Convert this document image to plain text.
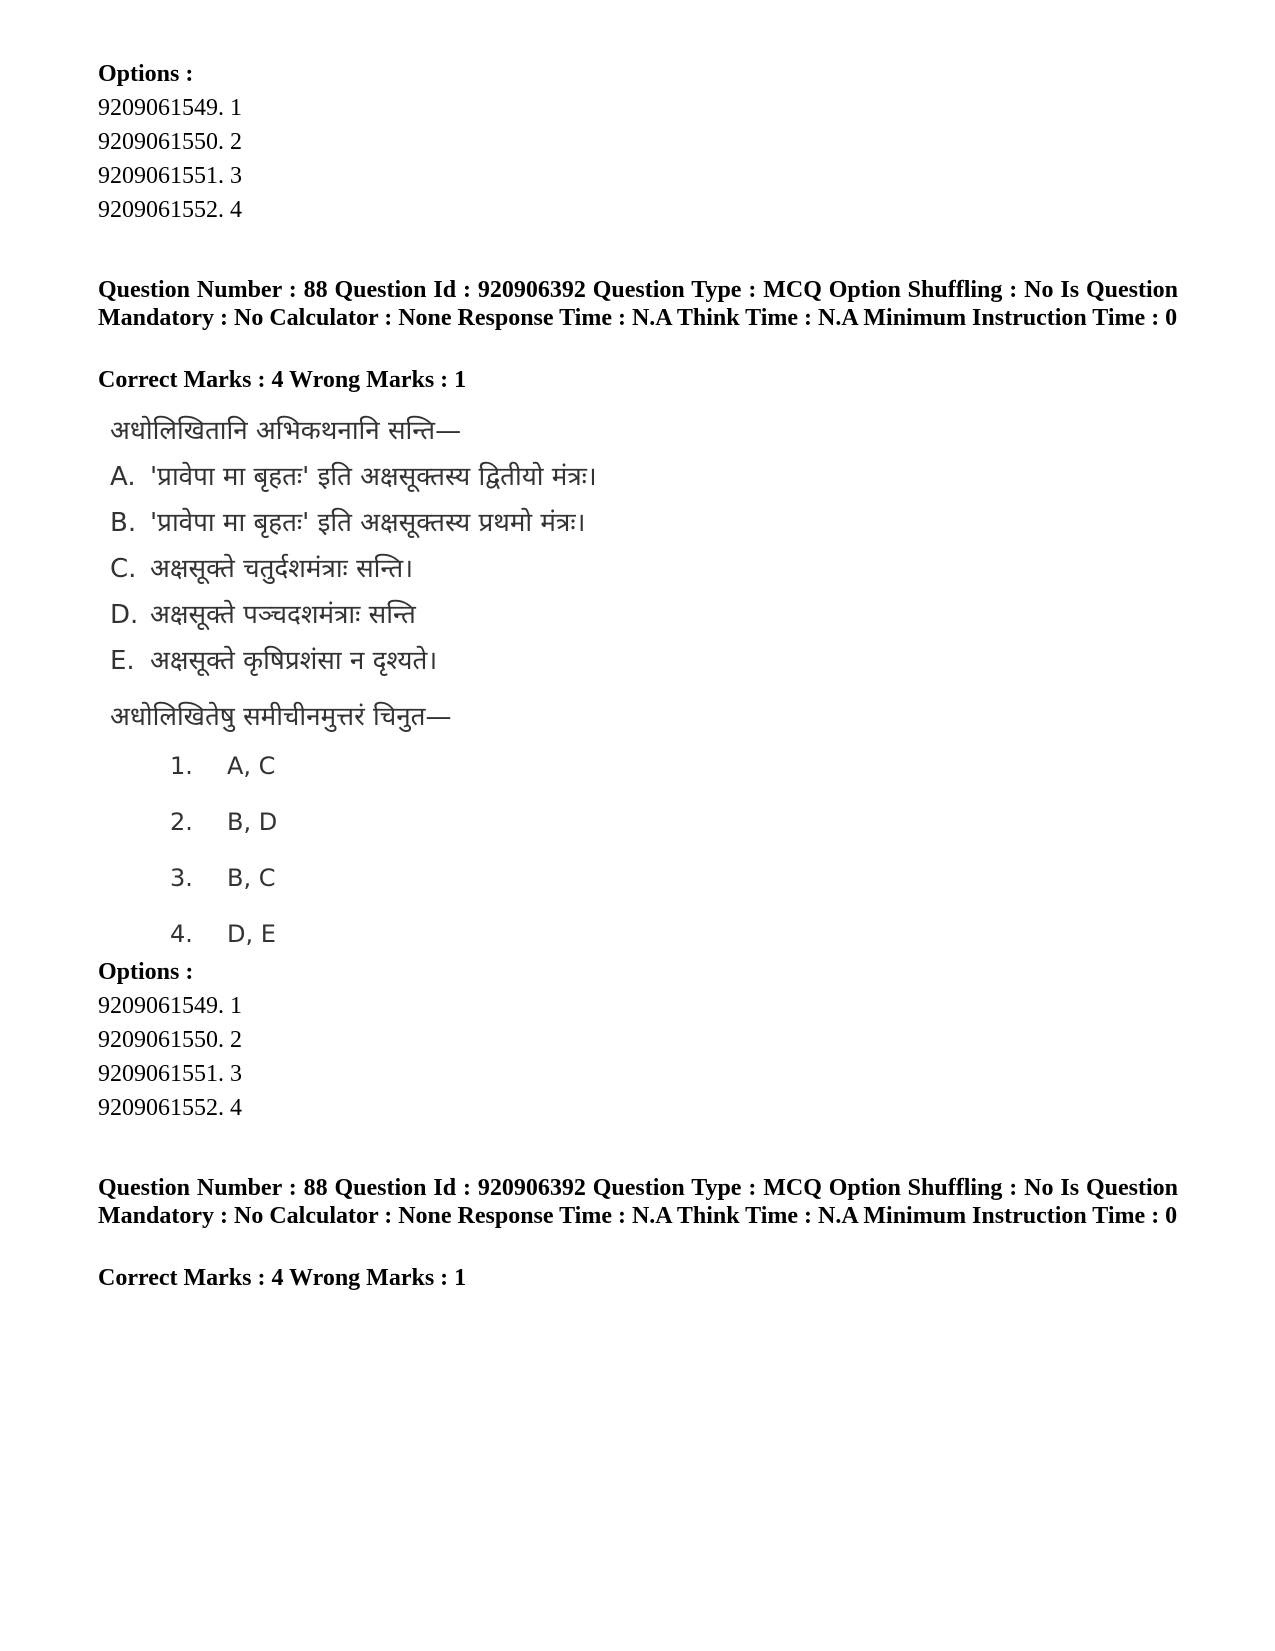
Options :
9209061549. 1
9209061550. 2
9209061551. 3
9209061552. 4
Question Number : 88 Question Id : 920906392 Question Type : MCQ Option Shuffling : No Is Question Mandatory : No Calculator : None Response Time : N.A Think Time : N.A Minimum Instruction Time : 0
Correct Marks : 4 Wrong Marks : 1
अधोलिखितानि अभिकथनानि सन्ति—
A. 'प्रावेपा मा बृहतः' इति अक्षसूक्तस्य द्वितीयो मंत्रः।
B. 'प्रावेपा मा बृहतः' इति अक्षसूक्तस्य प्रथमो मंत्रः।
C. अक्षसूक्ते चतुर्दशमंत्राः सन्ति।
D. अक्षसूक्ते पञ्चदशमंत्राः सन्ति
E. अक्षसूक्ते कृषिप्रशंसा न दृश्यते।
अधोलिखितेषु समीचीनमुत्तरं चिनुत—
1. A, C
2. B, D
3. B, C
4. D, E
Options :
9209061549. 1
9209061550. 2
9209061551. 3
9209061552. 4
Question Number : 88 Question Id : 920906392 Question Type : MCQ Option Shuffling : No Is Question Mandatory : No Calculator : None Response Time : N.A Think Time : N.A Minimum Instruction Time : 0
Correct Marks : 4 Wrong Marks : 1
